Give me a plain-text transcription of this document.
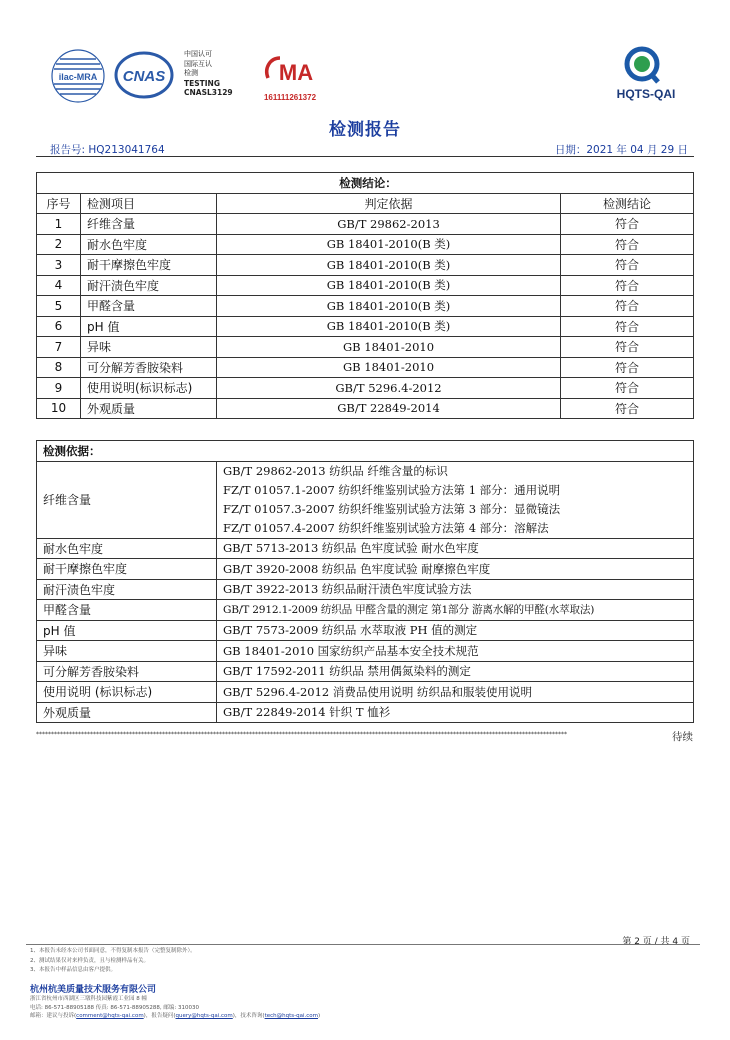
ilac-MRA CNAS
中国认可
国际互认
检测
TESTING
CNASL3129
MA
161111261372	HQTS-QAI
检测报告
报告号: HQ213041764	日期：2021 年 04 月 29 日
检测结论：			
序号	检测项目	判定依据	检测结论
1	纤维含量	GB/T 29862-2013	符合
2	耐水色牢度	GB 18401-2010(B 类)	符合
3	耐干摩擦色牢度	GB 18401-2010(B 类)	符合
4	耐汗渍色牢度	GB 18401-2010(B 类)	符合
5	甲醛含量	GB 18401-2010(B 类)	符合
6	pH 值	GB 18401-2010(B 类)	符合
7	异味	GB 18401-2010	符合
8	可分解芳香胺染料	GB 18401-2010	符合
9	使用说明(标识标志)	GB/T 5296.4-2012	符合
10	外观质量	GB/T 22849-2014	符合
检测依据：	
纤维含量	GB/T 29862-2013 纺织品 纤维含量的标识
FZ/T 01057.1-2007 纺织纤维鉴别试验方法第 1 部分：通用说明
FZ/T 01057.3-2007 纺织纤维鉴别试验方法第 3 部分：显微镜法
FZ/T 01057.4-2007 纺织纤维鉴别试验方法第 4 部分：溶解法

耐水色牢度	GB/T 5713-2013 纺织品 色牢度试验 耐水色牢度
耐干摩擦色牢度	GB/T 3920-2008 纺织品 色牢度试验 耐摩擦色牢度
耐汗渍色牢度	GB/T 3922-2013 纺织品耐汗渍色牢度试验方法
甲醛含量	GB/T 2912.1-2009 纺织品 甲醛含量的测定 第1部分 游离水解的甲醛(水萃取法)
pH 值	GB/T 7573-2009 纺织品 水萃取液 PH 值的测定
异味	GB 18401-2010 国家纺织产品基本安全技术规范
可分解芳香胺染料	GB/T 17592-2011 纺织品 禁用偶氮染料的测定
使用说明 (标识标志)	GB/T 5296.4-2012 消费品使用说明 纺织品和服装使用说明
外观质量	GB/T 22849-2014 针织 T 恤衫
*********************************************************************************************************************************************************************************	待续
第 2 页 / 共 4 页
1、本报告未经本公司书面同意，不得复制本报告（完整复制除外）。
2、测试结果仅对来样负责，且与检测样品有关。
3、本报告中样品信息由客户提供。
杭州杭美质量技术服务有限公司
浙江省杭州市西湖区三墩科技园紫霞工业园 8 幢
电话: 86-571-88905188 传真: 86-571-88905288, 邮编: 310030
邮箱：建议与投诉(comment@hqts-qai.com)，报告疑问(query@hqts-qai.com)，技术咨询(tech@hqts-qai.com)
